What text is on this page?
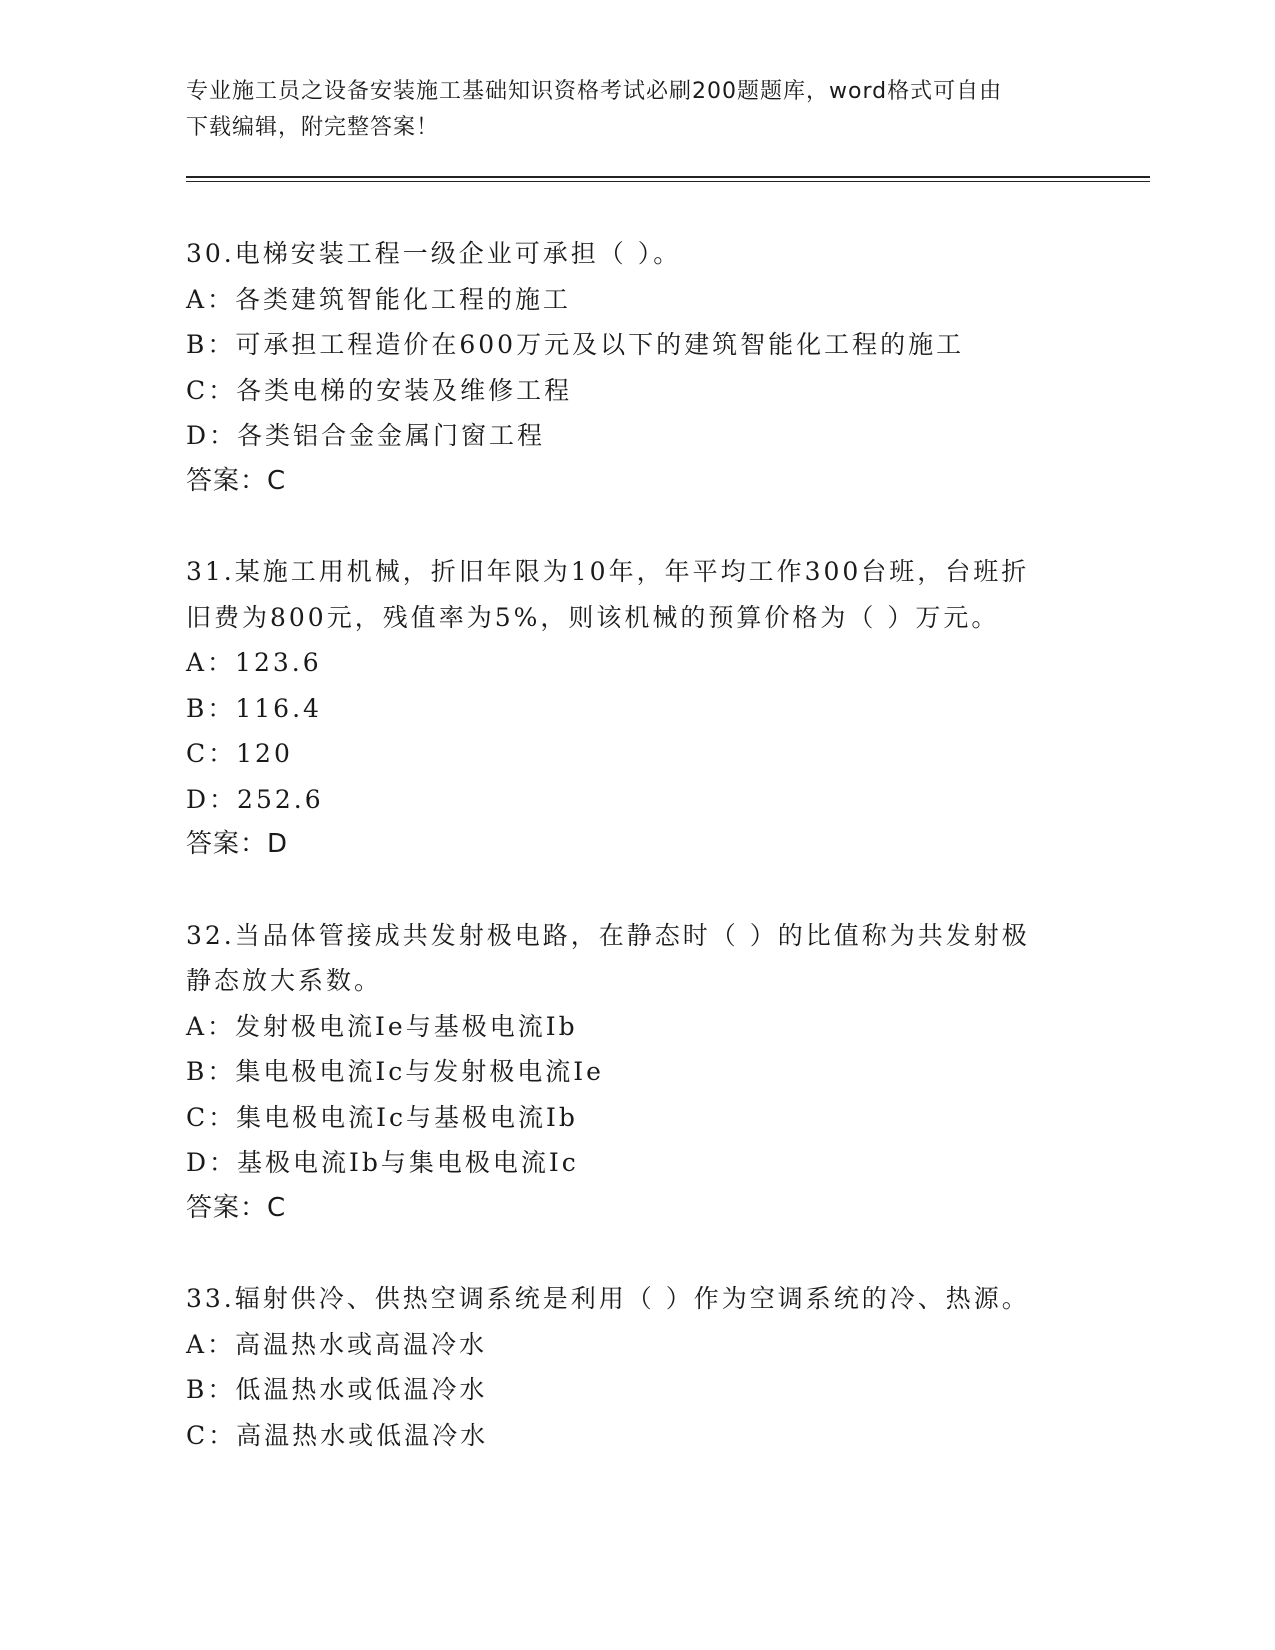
专业施工员之设备安装施工基础知识资格考试必刷200题题库，word格式可自由
下载编辑，附完整答案！
30.电梯安装工程一级企业可承担（ ）。
A：各类建筑智能化工程的施工
B：可承担工程造价在600万元及以下的建筑智能化工程的施工
C：各类电梯的安装及维修工程
D：各类铝合金金属门窗工程
答案：C
31.某施工用机械，折旧年限为10年，年平均工作300台班，台班折
旧费为800元，残值率为5%，则该机械的预算价格为（ ）万元。
A：123.6
B：116.4
C：120
D：252.6
答案：D
32.当品体管接成共发射极电路，在静态时（ ）的比值称为共发射极
静态放大系数。
A：发射极电流Ie与基极电流Ib
B：集电极电流Ic与发射极电流Ie
C：集电极电流Ic与基极电流Ib
D：基极电流Ib与集电极电流Ic
答案：C
33.辐射供冷、供热空调系统是利用（ ）作为空调系统的冷、热源。
A：高温热水或高温冷水
B：低温热水或低温冷水
C：高温热水或低温冷水
